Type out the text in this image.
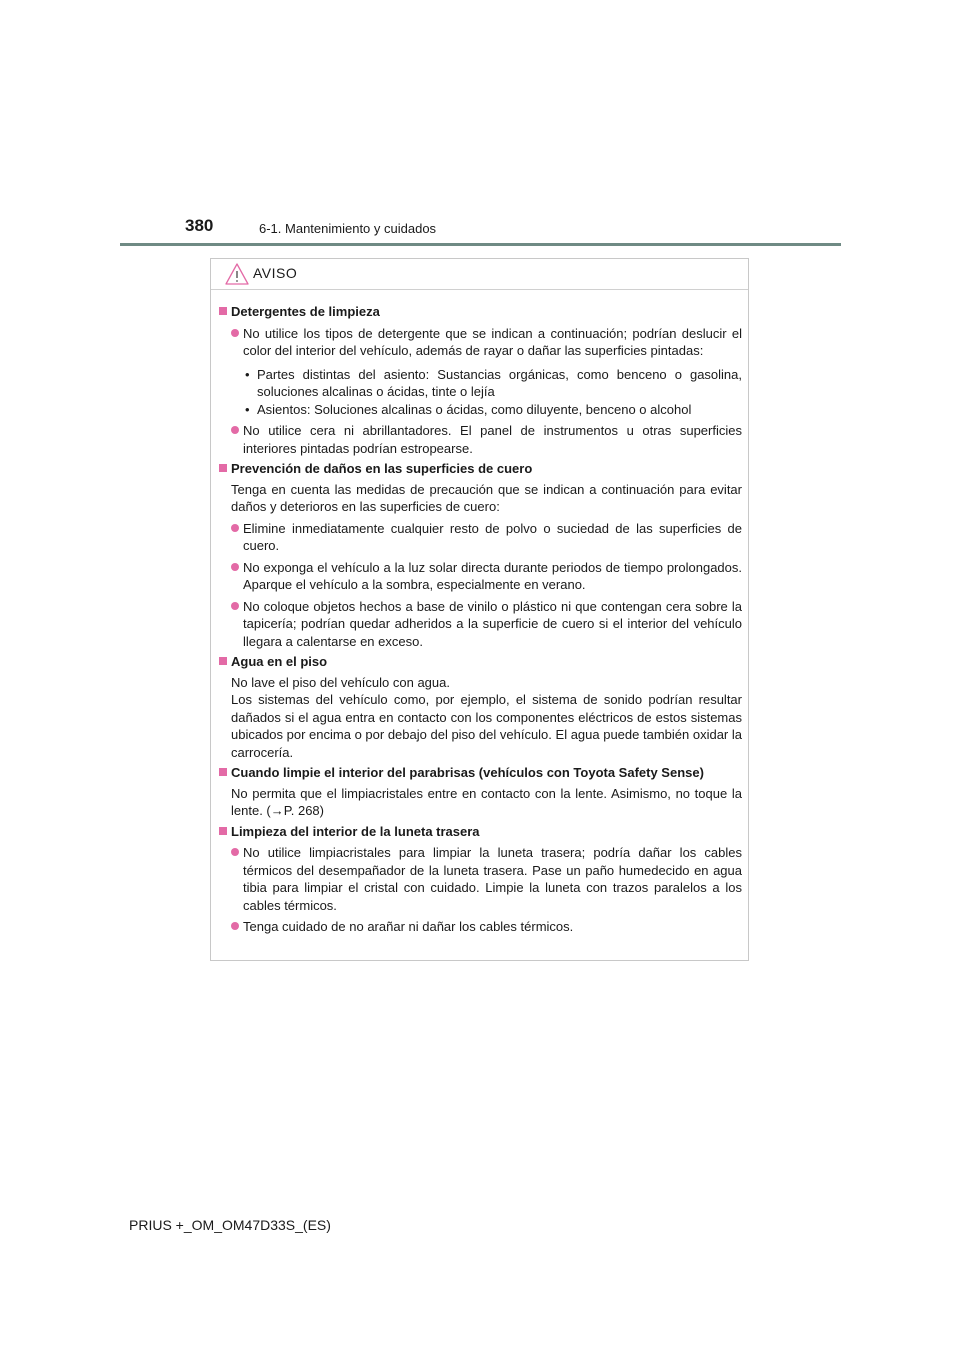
380	6-1. Mantenimiento y cuidados
AVISO
Detergentes de limpieza
No utilice los tipos de detergente que se indican a continuación; podrían deslucir el color del interior del vehículo, además de rayar o dañar las superficies pintadas:
• Partes distintas del asiento: Sustancias orgánicas, como benceno o gasolina, soluciones alcalinas o ácidas, tinte o lejía
• Asientos: Soluciones alcalinas o ácidas, como diluyente, benceno o alcohol
No utilice cera ni abrillantadores. El panel de instrumentos u otras superficies interiores pintadas podrían estropearse.
Prevención de daños en las superficies de cuero
Tenga en cuenta las medidas de precaución que se indican a continuación para evitar daños y deterioros en las superficies de cuero:
Elimine inmediatamente cualquier resto de polvo o suciedad de las superficies de cuero.
No exponga el vehículo a la luz solar directa durante periodos de tiempo prolongados. Aparque el vehículo a la sombra, especialmente en verano.
No coloque objetos hechos a base de vinilo o plástico ni que contengan cera sobre la tapicería; podrían quedar adheridos a la superficie de cuero si el interior del vehículo llegara a calentarse en exceso.
Agua en el piso
No lave el piso del vehículo con agua.
Los sistemas del vehículo como, por ejemplo, el sistema de sonido podrían resultar dañados si el agua entra en contacto con los componentes eléctricos de estos sistemas ubicados por encima o por debajo del piso del vehículo. El agua puede también oxidar la carrocería.
Cuando limpie el interior del parabrisas (vehículos con Toyota Safety Sense)
No permita que el limpiacristales entre en contacto con la lente. Asimismo, no toque la lente. (→P. 268)
Limpieza del interior de la luneta trasera
No utilice limpiacristales para limpiar la luneta trasera; podría dañar los cables térmicos del desempañador de la luneta trasera. Pase un paño humedecido en agua tibia para limpiar el cristal con cuidado. Limpie la luneta con trazos paralelos a los cables térmicos.
Tenga cuidado de no arañar ni dañar los cables térmicos.
PRIUS +_OM_OM47D33S_(ES)
